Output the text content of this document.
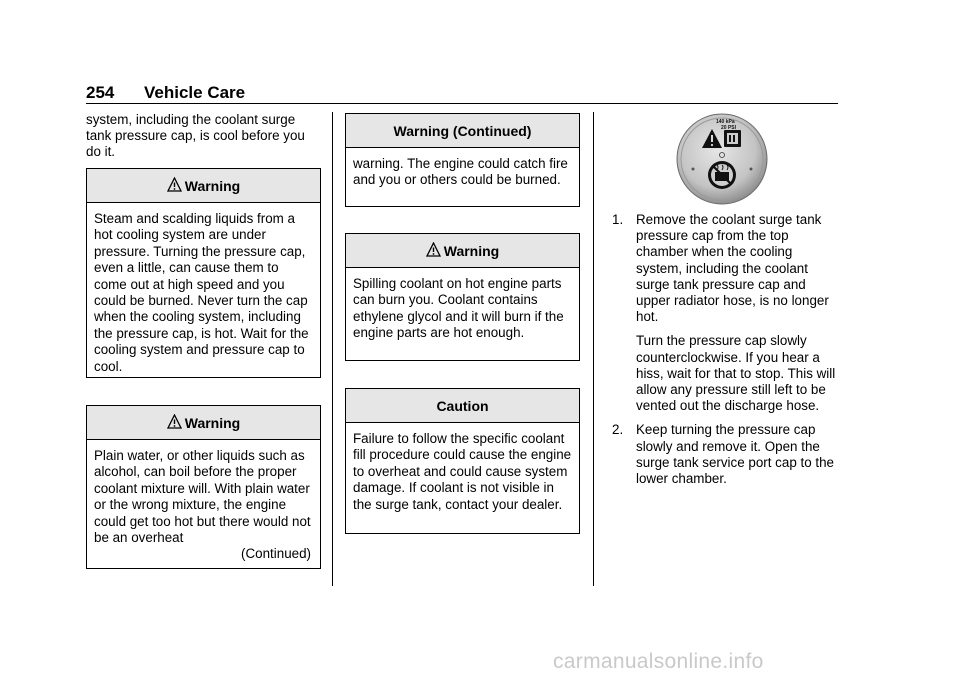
254 Vehicle Care

system, including the coolant surge tank pressure cap, is cool before you do it.

Warning
Steam and scalding liquids from a hot cooling system are under pressure. Turning the pressure cap, even a little, can cause them to come out at high speed and you could be burned. Never turn the cap when the cooling system, including the pressure cap, is hot. Wait for the cooling system and pressure cap to cool.
Warning
Plain water, or other liquids such as alcohol, can boil before the proper coolant mixture will. With plain water or the wrong mixture, the engine could get too hot but there would not be an overheat
(Continued)
Warning (Continued)
warning. The engine could catch fire and you or others could be burned.
Warning
Spilling coolant on hot engine parts can burn you. Coolant contains ethylene glycol and it will burn if the engine parts are hot enough.
Caution
Failure to follow the specific coolant fill procedure could cause the engine to overheat and could cause system damage. If coolant is not visible in the surge tank, contact your dealer.
140 kPa
20 PSI
1. Remove the coolant surge tank pressure cap from the top chamber when the cooling system, including the coolant surge tank pressure cap and upper radiator hose, is no longer hot.

Turn the pressure cap slowly counterclockwise. If you hear a hiss, wait for that to stop. This will allow any pressure still left to be vented out the discharge hose.

2. Keep turning the pressure cap slowly and remove it. Open the surge tank service port cap to the lower chamber.

carmanualsonline.info
